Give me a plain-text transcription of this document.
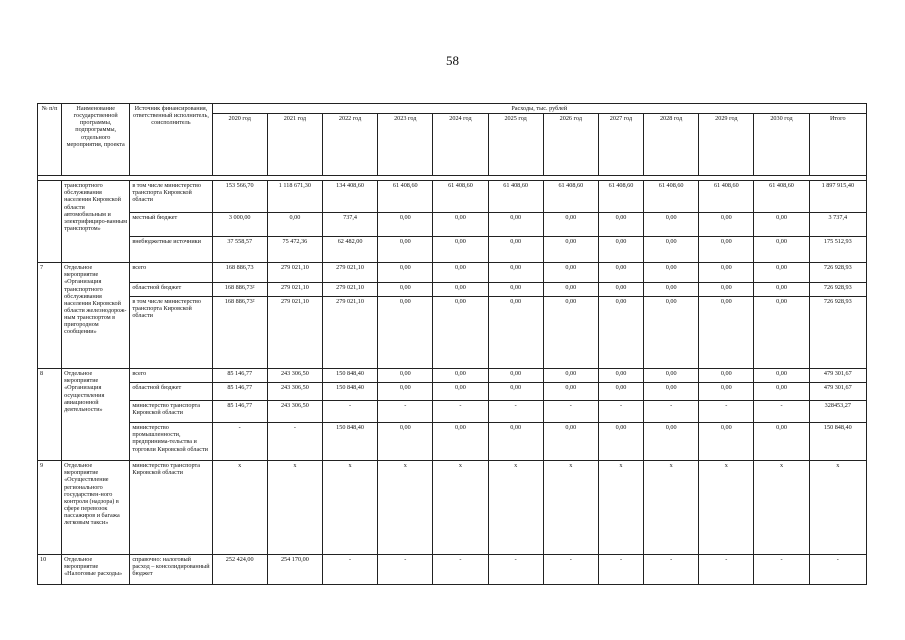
58
№ п/п	Наименование государственной программы, подпрограммы, отдельного мероприятия, проекта	Источник финансирования, ответственный исполнитель, соисполнитель	Расходы, тыс. рублей											
			2020 год	2021 год	2022 год	2023 год	2024 год	2025 год	2026 год	2027 год	2028 год	2029 год	2030 год	Итого

	транспортного обслуживания населения Кировской области автомобильным и электрифициро-ванным транспортом»	в том числе министерство транспорта Кировской области	153 566,70	1 118 671,30	134 408,60	61 408,60	61 408,60	61 408,60	61 408,60	61 408,60	61 408,60	61 408,60	61 408,60	1 897 915,40
		местный бюджет	3 000,00	0,00	737,4	0,00	0,00	0,00	0,00	0,00	0,00	0,00	0,00	3 737,4
		внебюджетные источники	37 558,57	75 472,36	62 482,00	0,00	0,00	0,00	0,00	0,00	0,00	0,00	0,00	175 512,93
7	Отдельное мероприятие «Организация транспортного обслуживания населения Кировской области железнодорож-ным транспортом в пригородном сообщении»	всего	168 886,73	279 021,10	279 021,10	0,00	0,00	0,00	0,00	0,00	0,00	0,00	0,00	726 928,93
		областной бюджет	168 886,73²	279 021,10	279 021,10	0,00	0,00	0,00	0,00	0,00	0,00	0,00	0,00	726 928,93
		в том числе министерство транспорта Кировской области	168 886,73²	279 021,10	279 021,10	0,00	0,00	0,00	0,00	0,00	0,00	0,00	0,00	726 928,93
8	Отдельное мероприятие «Организация осуществления авиационной деятельности»	всего	85 146,77	243 306,50	150 848,40	0,00	0,00	0,00	0,00	0,00	0,00	0,00	0,00	479 301,67
		областной бюджет	85 146,77	243 306,50	150 848,40	0,00	0,00	0,00	0,00	0,00	0,00	0,00	0,00	479 301,67
		министерство транспорта Кировской области	85 146,77	243 306,50	-	-	-	-	-	-	-	-	-	328453,27
		министерство промышленности, предпринима-тельства и торговли Кировской области	-	-	150 848,40	0,00	0,00	0,00	0,00	0,00	0,00	0,00	0,00	150 848,40
9	Отдельное мероприятие «Осуществление регионального государствен-ного контроля (надзора) в сфере перевозок пассажиров и багажа легковым такси»	министерство транспорта Кировской области	x	x	x	x	x	x	x	x	x	x	x	x
10	Отдельное мероприятие «Налоговые расходы»	справочно: налоговый расход – консолидированный бюджет	252 424,00	254 170,00	-	-	-	-	-	-	-	-	-	-
